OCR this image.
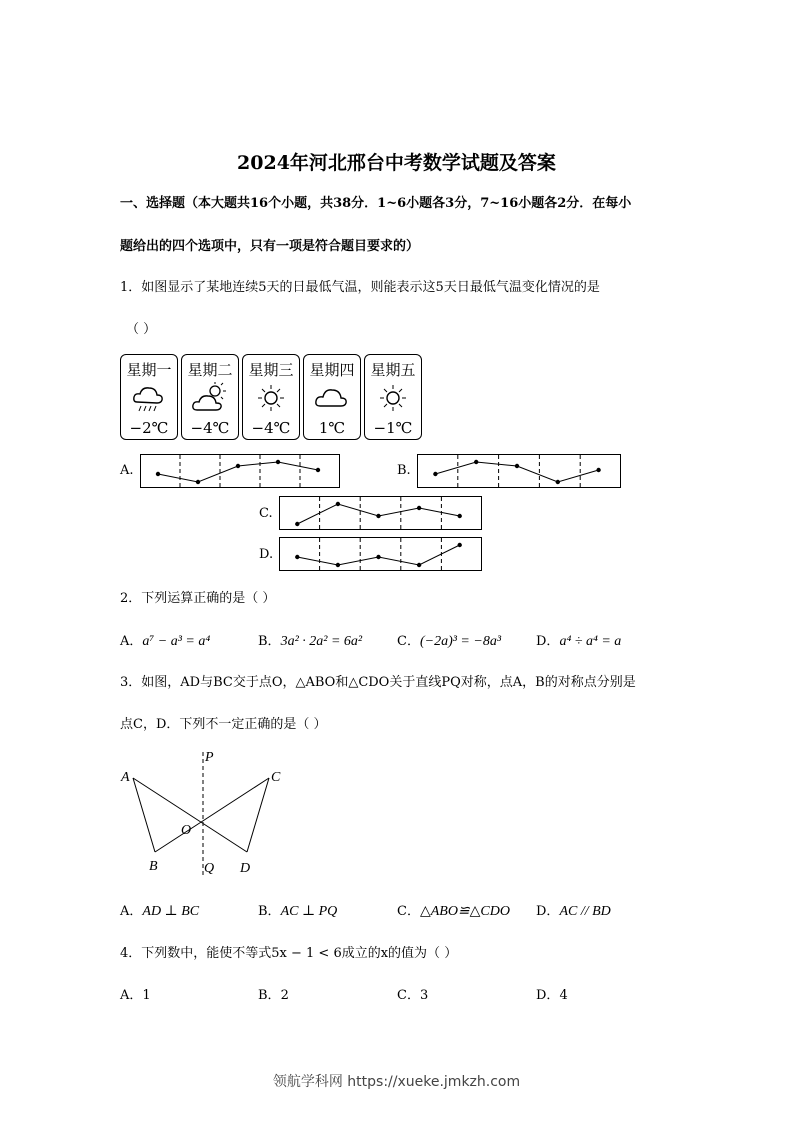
2024年河北邢台中考数学试题及答案
一、选择题（本大题共16个小题，共38分．1~6小题各3分，7~16小题各2分．在每小
题给出的四个选项中，只有一项是符合题目要求的）
1．如图显示了某地连续5天的日最低气温，则能表示这5天日最低气温变化情况的是
（ ）
星期一
−2℃
星期二
−4℃
星期三
−4℃
星期四
1℃
星期五
−1℃
A.	B.
C.
D.
2．下列运算正确的是（ ）
A．a⁷ − a³ = a⁴	B．3a² · 2a² = 6a²	C．(−2a)³ = −8a³	D．a⁴ ÷ a⁴ = a
3．如图，AD与BC交于点O，△ABO和△CDO关于直线PQ对称，点A，B的对称点分别是
点C，D．下列不一定正确的是（ ）
P
A	C
O
B	Q D
A．AD ⊥ BC	B．AC ⊥ PQ	C．△ABO≌△CDO D．AC // BD
4．下列数中，能使不等式5x − 1 < 6成立的x的值为（ ）
A．1	B．2	C．3	D．4
领航学科网 https://xueke.jmkzh.com
